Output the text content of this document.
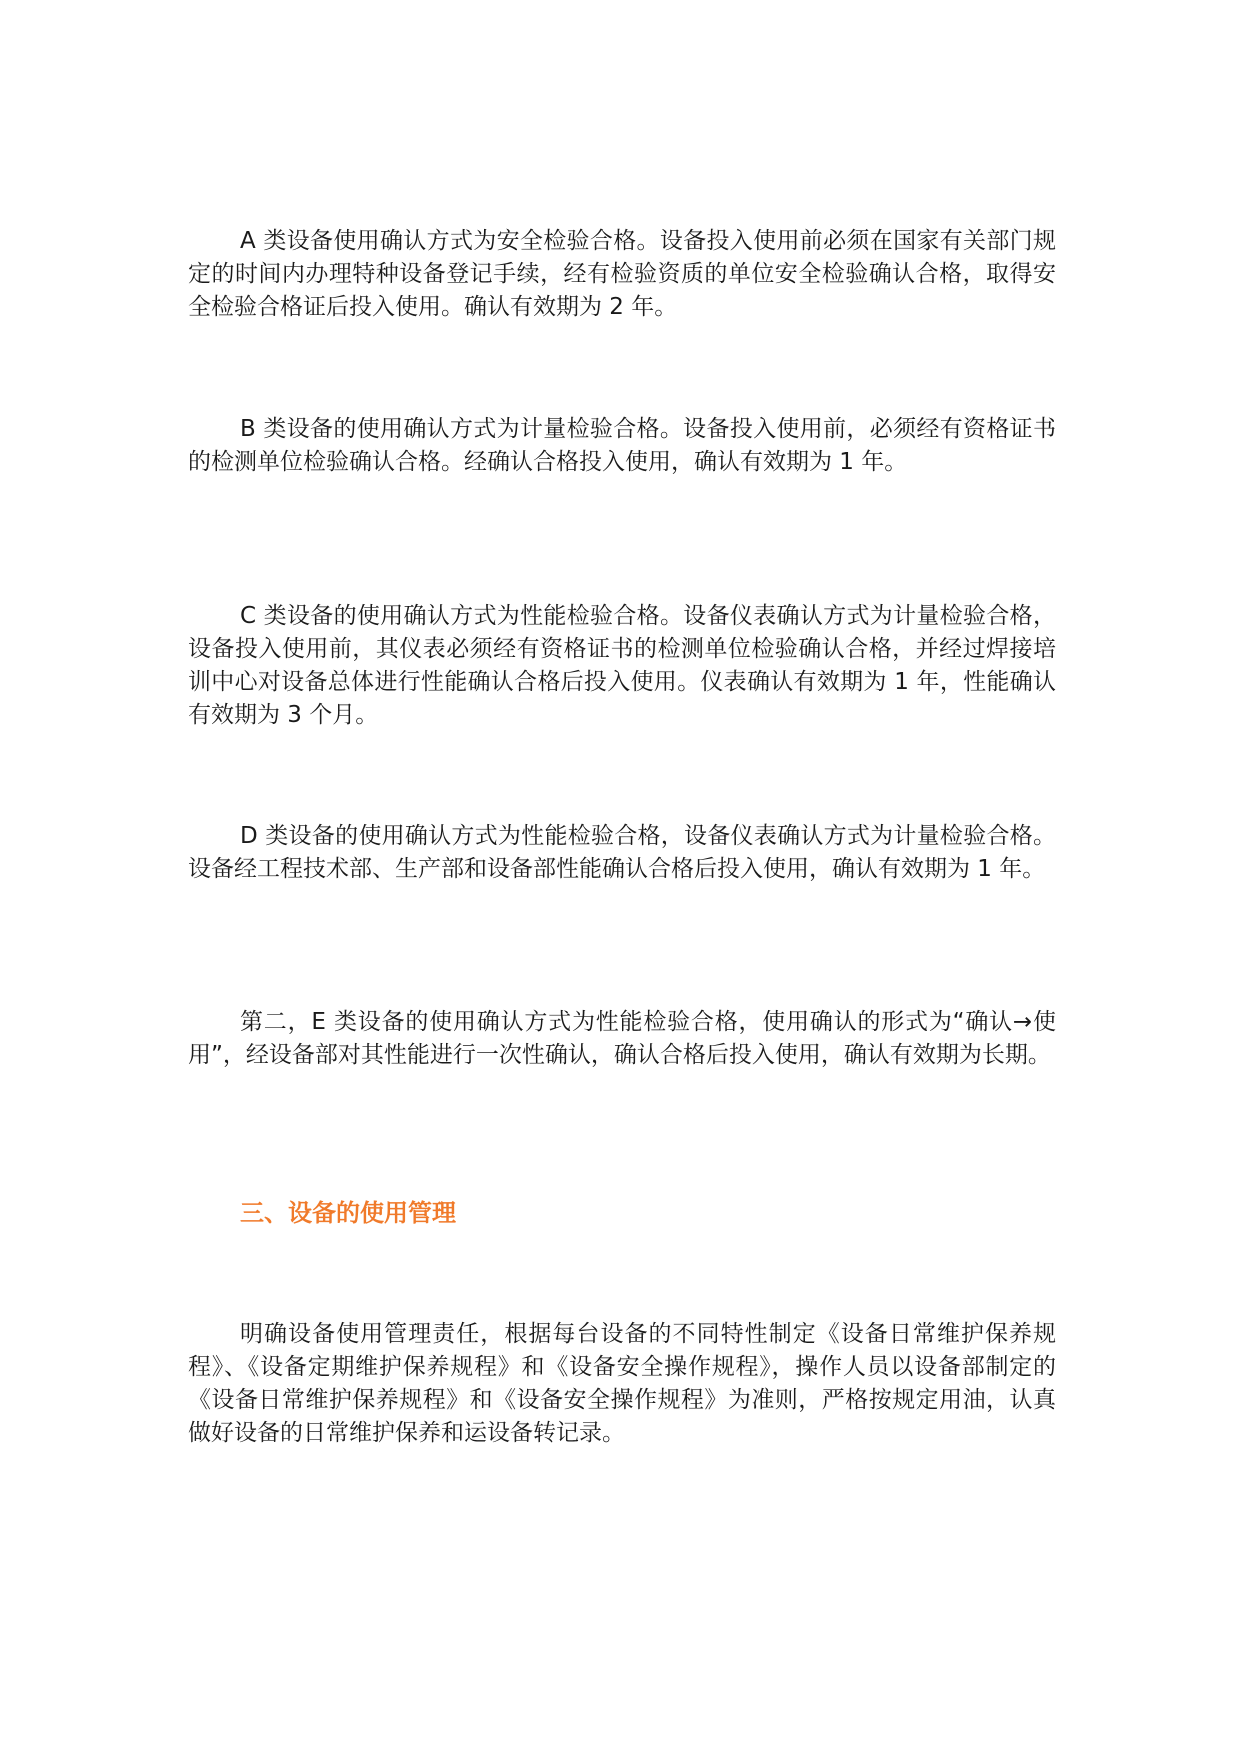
A 类设备使用确认方式为安全检验合格。设备投入使用前必须在国家有关部门规定的时间内办理特种设备登记手续，经有检验资质的单位安全检验确认合格，取得安全检验合格证后投入使用。确认有效期为 2 年。

B 类设备的使用确认方式为计量检验合格。设备投入使用前，必须经有资格证书的检测单位检验确认合格。经确认合格投入使用，确认有效期为 1 年。

C 类设备的使用确认方式为性能检验合格。设备仪表确认方式为计量检验合格，设备投入使用前，其仪表必须经有资格证书的检测单位检验确认合格，并经过焊接培训中心对设备总体进行性能确认合格后投入使用。仪表确认有效期为 1 年，性能确认有效期为 3 个月。

D 类设备的使用确认方式为性能检验合格，设备仪表确认方式为计量检验合格。设备经工程技术部、生产部和设备部性能确认合格后投入使用，确认有效期为 1 年。

第二，E 类设备的使用确认方式为性能检验合格，使用确认的形式为“确认→使用”，经设备部对其性能进行一次性确认，确认合格后投入使用，确认有效期为长期。

三、设备的使用管理

明确设备使用管理责任，根据每台设备的不同特性制定《设备日常维护保养规程》、《设备定期维护保养规程》和《设备安全操作规程》，操作人员以设备部制定的《设备日常维护保养规程》和《设备安全操作规程》为准则，严格按规定用油，认真做好设备的日常维护保养和运设备转记录。
